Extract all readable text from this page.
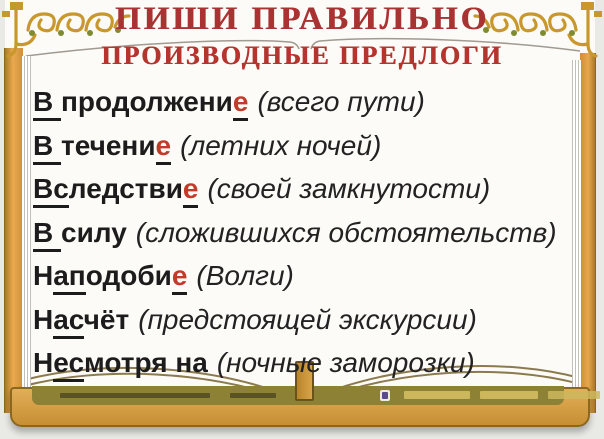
ПИШИ ПРАВИЛЬНО
ПРОИЗВОДНЫЕ ПРЕДЛОГИ
В продолжение (всего пути)
В течение (летних ночей)
Вследствие (своей замкнутости)
В силу (сложившихся обстоятельств)
Наподобие (Волги)
Насчёт (предстоящей экскурсии)
Несмотря на (ночные заморозки)
